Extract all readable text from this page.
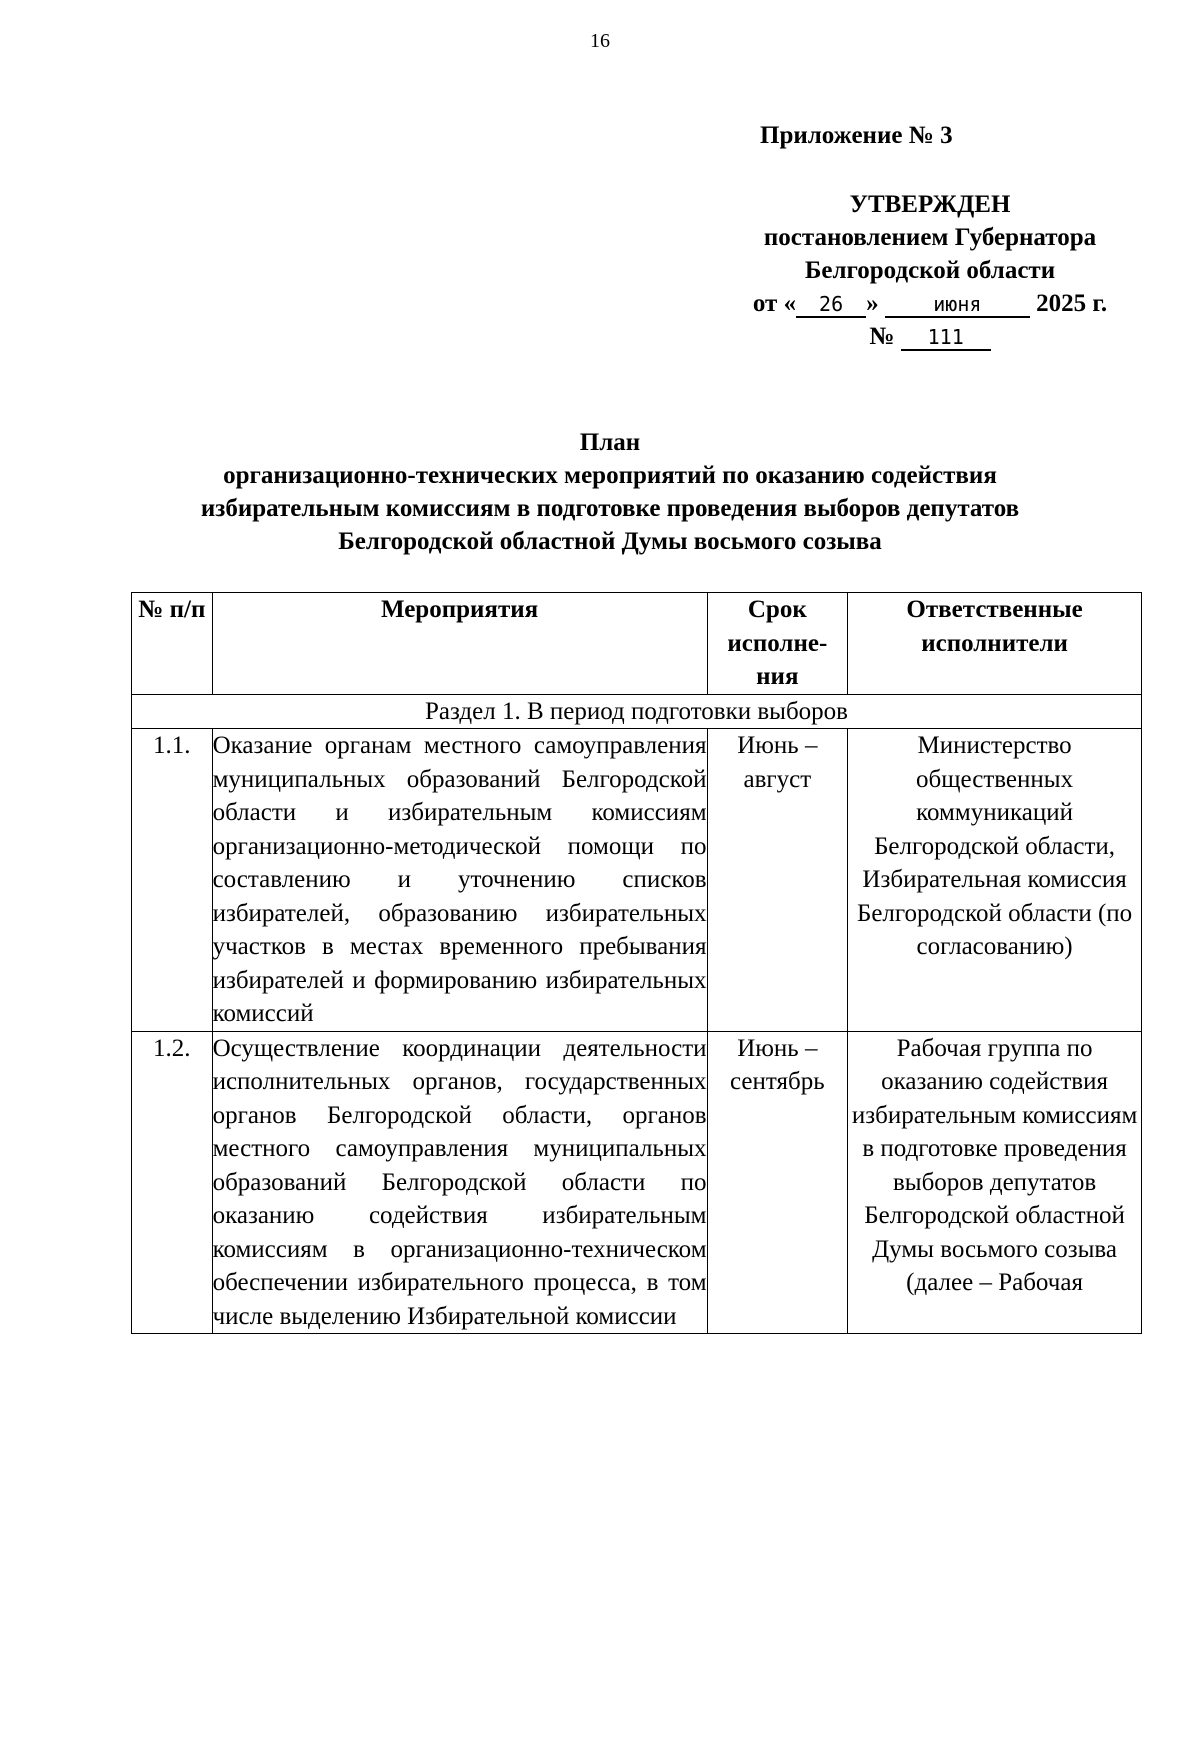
16
Приложение № 3
УТВЕРЖДЕН
постановлением Губернатора
Белгородской области
от « 26 »	июня 2025 г.
№ 111
План
организационно-технических мероприятий по оказанию содействия
избирательным комиссиям в подготовке проведения выборов депутатов
Белгородской областной Думы восьмого созыва
№ п/п	Мероприятия	Срок исполне-ния	Ответственные исполнители
Раздел 1. В период подготовки выборов			
1.1.	Оказание органам местного самоуправления муниципальных образований Белгородской области и избирательным комиссиям организационно-методической помощи по составлению и уточнению списков избирателей, образованию избирательных участков в местах временного пребывания избирателей и формированию избирательных комиссий	Июнь – август	Министерство общественных коммуникаций Белгородской области, Избирательная комиссия Белгородской области (по согласованию)
1.2.	Осуществление координации деятельности исполнительных органов, государственных органов Белгородской области, органов местного самоуправления муниципальных образований Белгородской области по оказанию содействия избирательным комиссиям в организационно-техническом обеспечении избирательного процесса, в том числе выделению Избирательной комиссии	Июнь – сентябрь	Рабочая группа по оказанию содействия избирательным комиссиям в подготовке проведения выборов депутатов Белгородской областной Думы восьмого созыва (далее – Рабочая
